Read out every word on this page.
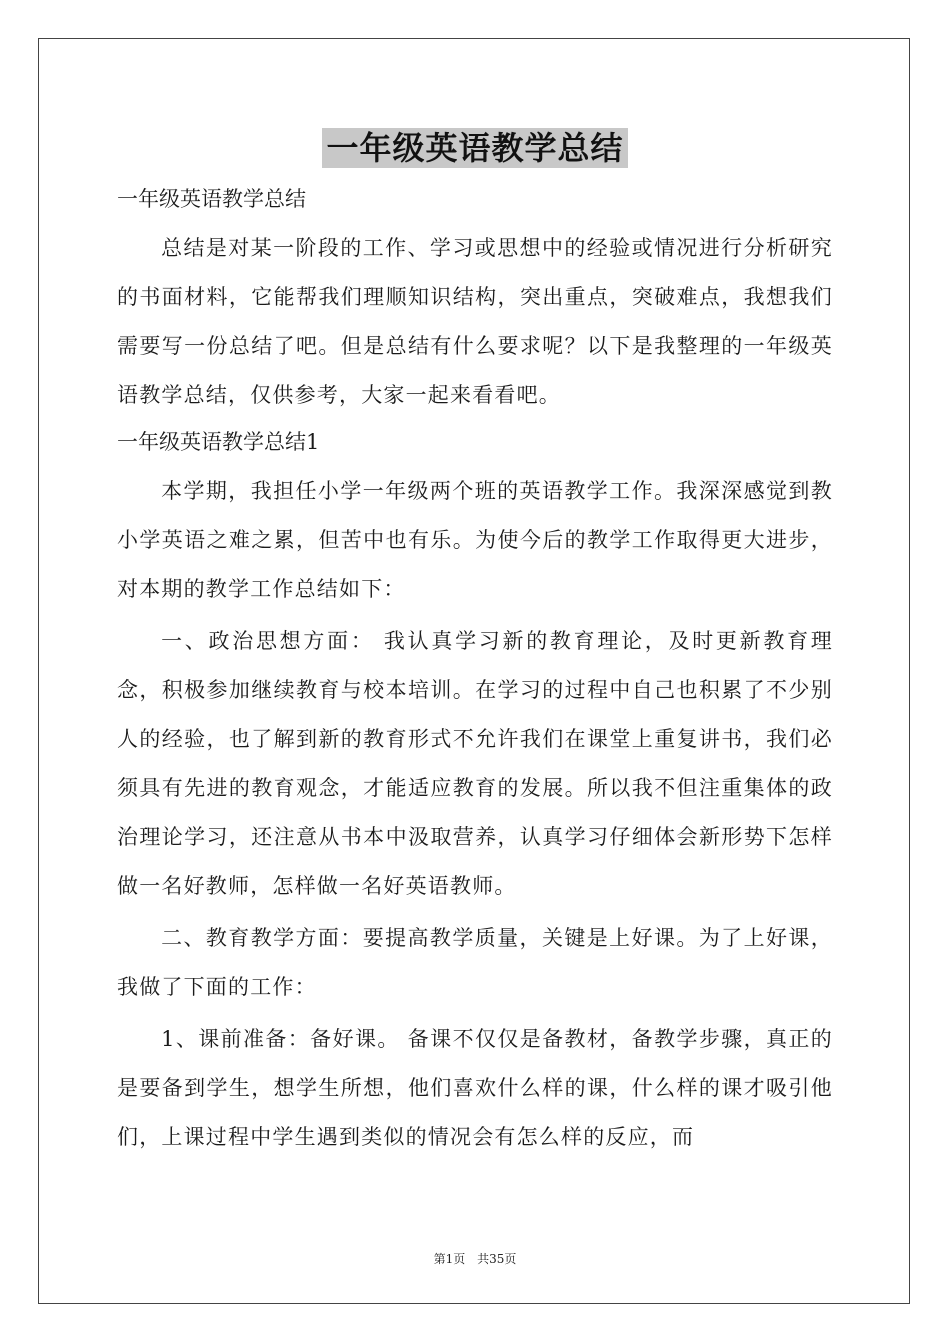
一年级英语教学总结
一年级英语教学总结

总结是对某一阶段的工作、学习或思想中的经验或情况进行分析研究的书面材料，它能帮我们理顺知识结构，突出重点，突破难点，我想我们需要写一份总结了吧。但是总结有什么要求呢？以下是我整理的一年级英语教学总结，仅供参考，大家一起来看看吧。

一年级英语教学总结1

本学期，我担任小学一年级两个班的英语教学工作。我深深感觉到教小学英语之难之累，但苦中也有乐。为使今后的教学工作取得更大进步，对本期的教学工作总结如下：

一、政治思想方面： 我认真学习新的教育理论，及时更新教育理念，积极参加继续教育与校本培训。在学习的过程中自己也积累了不少别人的经验，也了解到新的教育形式不允许我们在课堂上重复讲书，我们必须具有先进的教育观念，才能适应教育的发展。所以我不但注重集体的政治理论学习，还注意从书本中汲取营养，认真学习仔细体会新形势下怎样做一名好教师，怎样做一名好英语教师。

二、教育教学方面：要提高教学质量，关键是上好课。为了上好课，我做了下面的工作：

1、课前准备：备好课。 备课不仅仅是备教材，备教学步骤，真正的是要备到学生，想学生所想，他们喜欢什么样的课，什么样的课才吸引他们，上课过程中学生遇到类似的情况会有怎么样的反应，而

第1页 共35页
